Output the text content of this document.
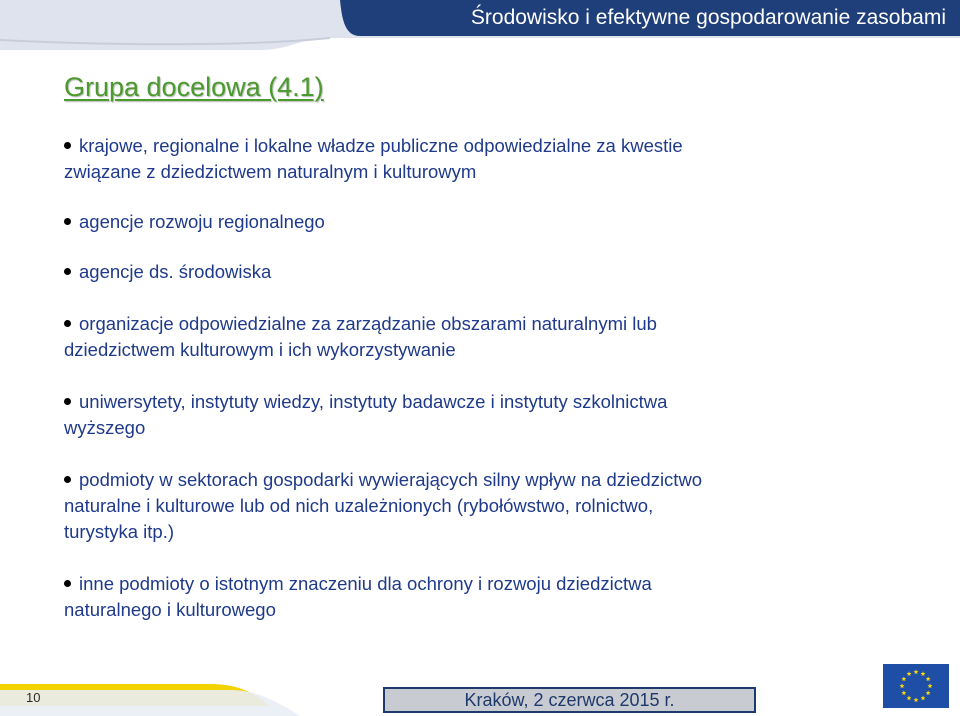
Środowisko i efektywne gospodarowanie zasobami
Grupa docelowa (4.1)
krajowe, regionalne i lokalne władze publiczne odpowiedzialne za kwestie
związane z dziedzictwem naturalnym i kulturowym
agencje rozwoju regionalnego
agencje ds. środowiska
organizacje odpowiedzialne za zarządzanie obszarami naturalnymi lub
dziedzictwem kulturowym i ich wykorzystywanie
uniwersytety, instytuty wiedzy, instytuty badawcze i instytuty szkolnictwa
wyższego
podmioty w sektorach gospodarki wywierających silny wpływ na dziedzictwo
naturalne i kulturowe lub od nich uzależnionych (rybołówstwo, rolnictwo,
turystyka itp.)
inne podmioty o istotnym znaczeniu dla ochrony i rozwoju dziedzictwa
naturalnego i kulturowego
10	Kraków, 2 czerwca 2015 r.
